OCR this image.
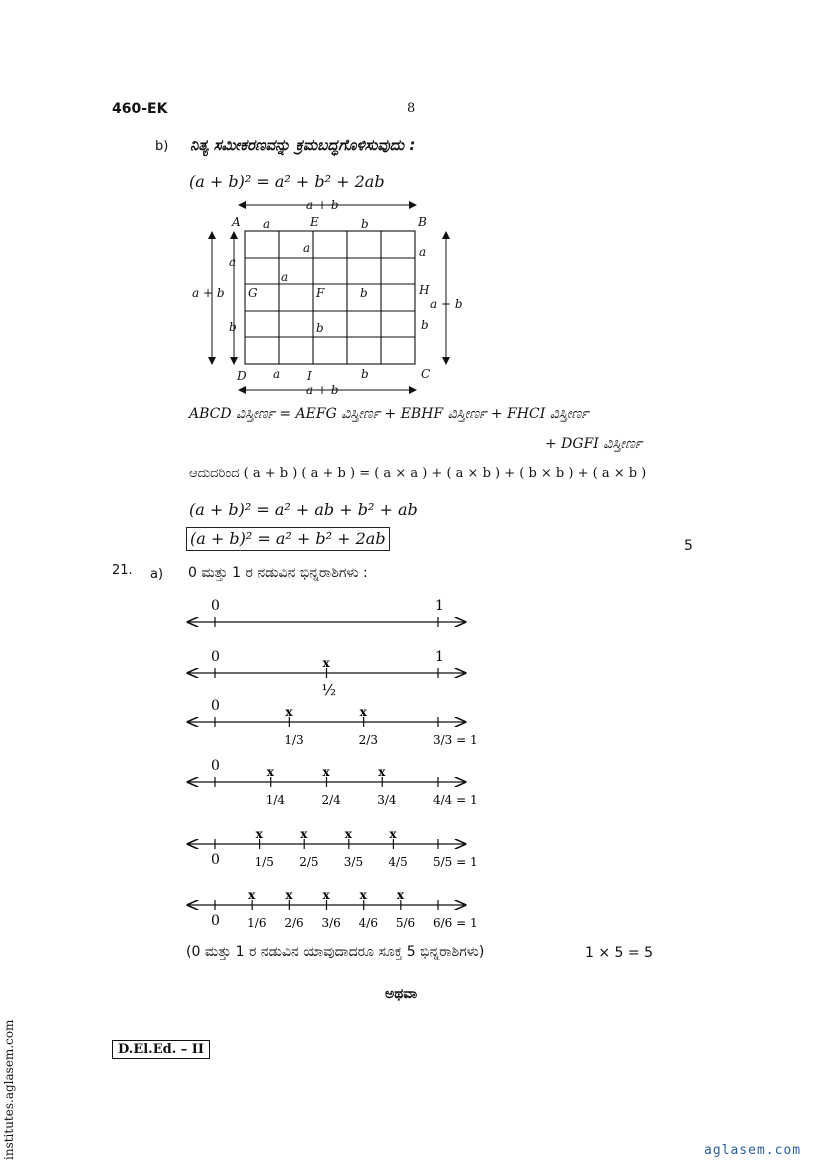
460-EK	8
b) ನಿತ್ಯ ಸಮೀಕರಣವನ್ನು ಕ್ರಮಬದ್ಧಗೊಳಿಸುವುದು :
(a + b)² = a² + b² + 2ab
a + b
a + b
a + b
a + b
A	B
C
D
E
F
G	H
I
a	b
a	b
a
b
a
b
a
a
b
b
ABCD ವಿಸ್ತೀರ್ಣ = AEFG ವಿಸ್ತೀರ್ಣ + EBHF ವಿಸ್ತೀರ್ಣ + FHCI ವಿಸ್ತೀರ್ಣ
+ DGFI ವಿಸ್ತೀರ್ಣ
ಆದುದರಿಂದ ( a + b ) ( a + b ) = ( a × a ) + ( a × b ) + ( b × b ) + ( a × b )
(a + b)² = a² + ab + b² + ab
(a + b)² = a² + b² + 2ab	5
21. a) 0 ಮತ್ತು 1 ರ ನಡುವಿನ ಭಿನ್ನರಾಶಿಗಳು :
0	1
0	1
x
½
0	x
1/3
x
2/3	3/3 = 1
0	x
1/4
x
2/4
x
3/4	4/4 = 1
0
x
1/5
x
2/5
x
3/5
x
4/5 5/5 = 1
0
x
1/6
x
2/6
x
3/6
x
4/6
x
5/6 6/6 = 1
(0 ಮತ್ತು 1 ರ ನಡುವಿನ ಯಾವುದಾದರೂ ಸೂಕ್ತ 5 ಭಿನ್ನರಾಶಿಗಳು)	1 × 5 = 5
ಅಥವಾ
D.El.Ed. – II
institutes.aglasem.com	aglasem.com
